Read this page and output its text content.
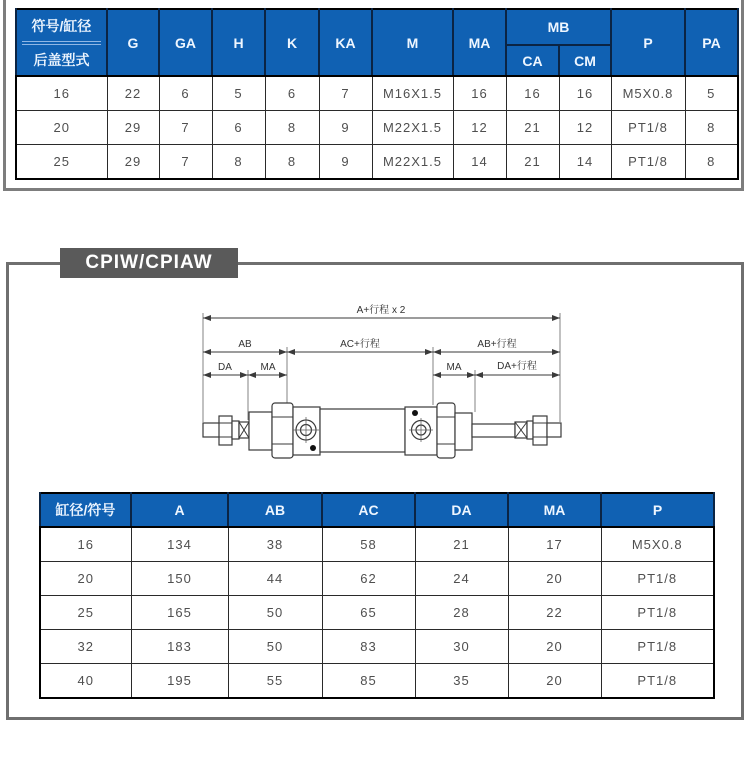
符号/缸径
后盖型式	G	GA	H	K	KA	M	MA	MB		P	PA
								CA	CM		
16	22	6	5	6	7	M16X1.5	16	16	16	M5X0.8	5
20	29	7	6	8	9	M22X1.5	12	21	12	PT1/8	8
25	29	7	8	8	9	M22X1.5	14	21	14	PT1/8	8
CPIW/CPIAW
A+行程 x 2
AB	AC+行程	AB+行程
DA	MA	MA	DA+行程
缸径/符号	A	AB	AC	DA	MA	P
16	134	38	58	21	17	M5X0.8
20	150	44	62	24	20	PT1/8
25	165	50	65	28	22	PT1/8
32	183	50	83	30	20	PT1/8
40	195	55	85	35	20	PT1/8
